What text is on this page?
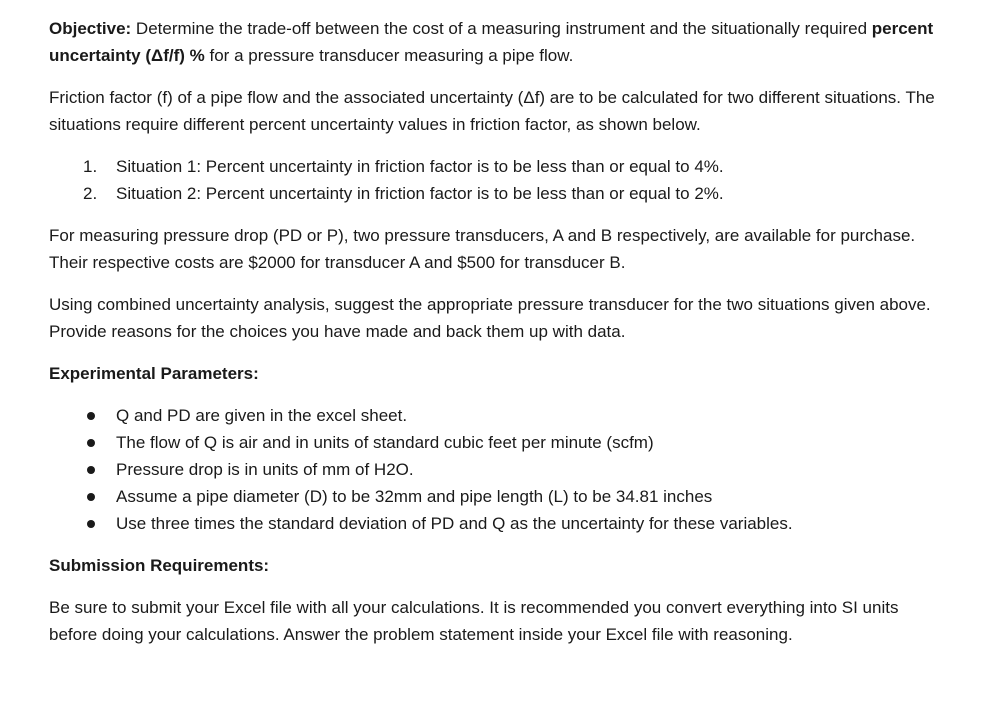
Objective: Determine the trade-off between the cost of a measuring instrument and the situationally required percent uncertainty (Δf/f) % for a pressure transducer measuring a pipe flow.

Friction factor (f) of a pipe flow and the associated uncertainty (Δf) are to be calculated for two different situations. The situations require different percent uncertainty values in friction factor, as shown below.

1. Situation 1: Percent uncertainty in friction factor is to be less than or equal to 4%.
2. Situation 2: Percent uncertainty in friction factor is to be less than or equal to 2%.

For measuring pressure drop (PD or P), two pressure transducers, A and B respectively, are available for purchase. Their respective costs are $2000 for transducer A and $500 for transducer B.

Using combined uncertainty analysis, suggest the appropriate pressure transducer for the two situations given above. Provide reasons for the choices you have made and back them up with data.

Experimental Parameters:

Q and PD are given in the excel sheet.
The flow of Q is air and in units of standard cubic feet per minute (scfm)
Pressure drop is in units of mm of H2O.
Assume a pipe diameter (D) to be 32mm and pipe length (L) to be 34.81 inches
Use three times the standard deviation of PD and Q as the uncertainty for these variables.

Submission Requirements:

Be sure to submit your Excel file with all your calculations. It is recommended you convert everything into SI units before doing your calculations. Answer the problem statement inside your Excel file with reasoning.
